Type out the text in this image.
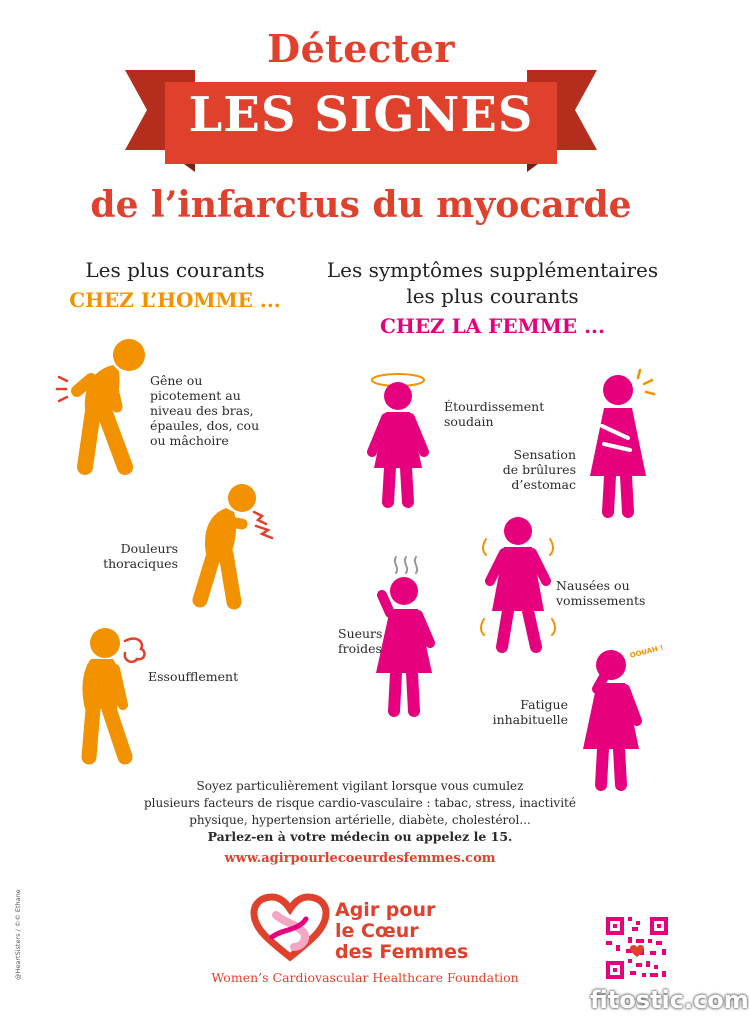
Détecter
LES SIGNES
de l’infarctus du myocarde
Les plus courants
CHEZ L’HOMME ...
Les symptômes supplémentaires
les plus courants
CHEZ LA FEMME ...
Gêne ou
picotement au
niveau des bras,
épaules, dos, cou
ou mâchoire
Douleurs
thoraciques
Essoufflement
Étourdissement
soudain
Sensation
de brûlures
d’estomac
Nausées ou
vomissements
Sueurs
froides	OOUAH !
Fatigue
inhabituelle
Soyez particulièrement vigilant lorsque vous cumulez
plusieurs facteurs de risque cardio-vasculaire : tabac, stress, inactivité
physique, hypertension artérielle, diabète, cholestérol...
Parlez-en à votre médecin ou appelez le 15.
www.agirpourlecoeurdesfemmes.com
Agir pour
le Cœur
des Femmes
Women’s Cardiovascular Healthcare Foundation
@HeartSisters / ©© Ethane
fitostic.com
